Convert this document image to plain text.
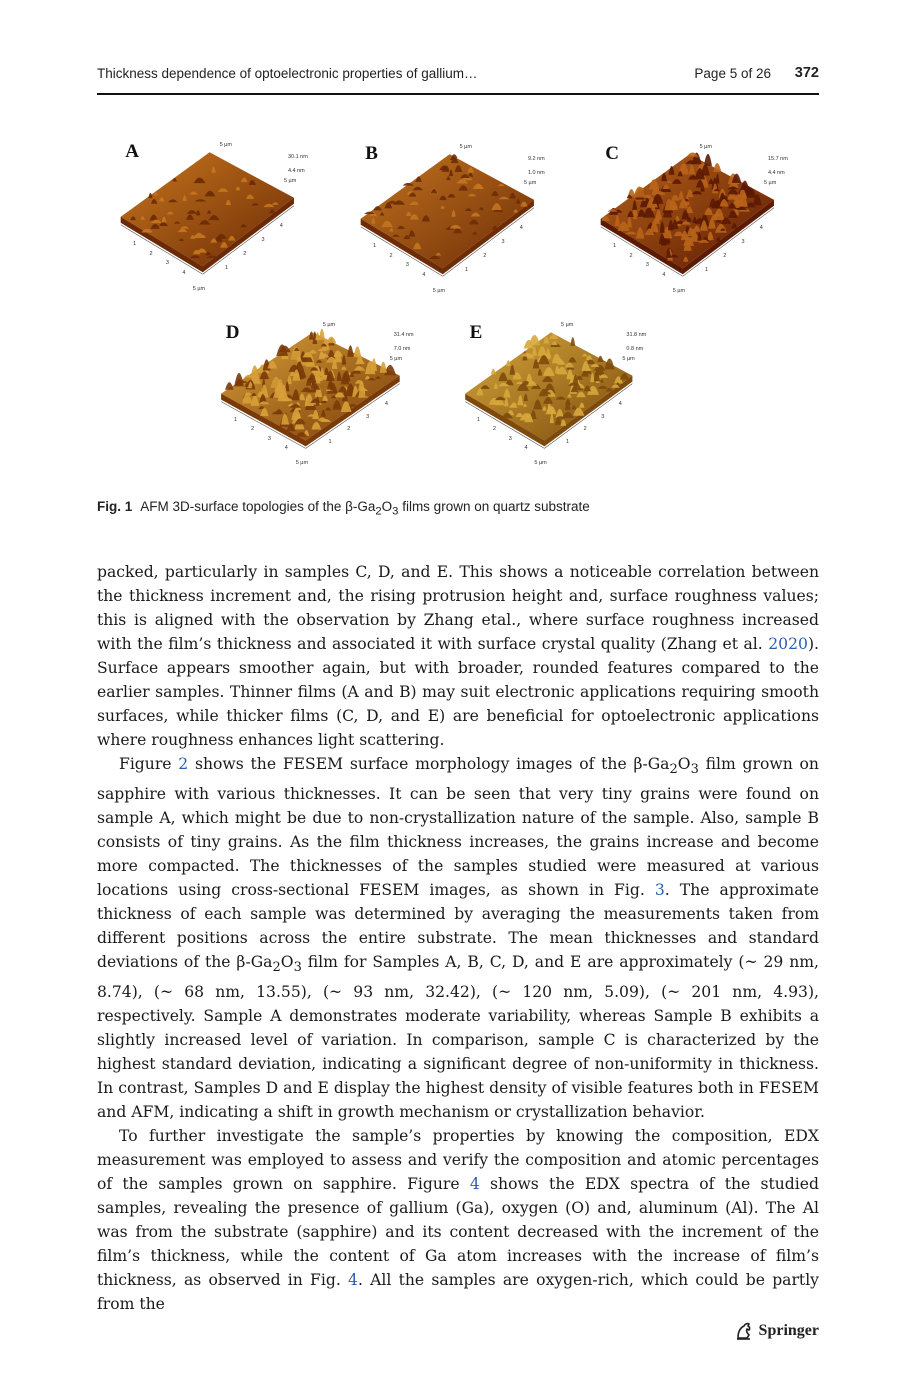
Thickness dependence of optoelectronic properties of gallium…	Page 5 of 26 372
1
2
3
4
1
2
3
4
5 µm
30.1 nm
4.4 nm
5 µm
5 µm
A
1
2
3
4
1
2
3
4
5 µm
9.2 nm
1.0 nm
5 µm
5 µm
B
1
2
3
4
1
2
3
4
5 µm
15.7 nm
4.4 nm
5 µm
5 µm
C
1
2
3
4
1
2
3
4
5 µm
31.4 nm
7.0 nm
5 µm
5 µm
D
1
2
3
4
1
2
3
4
5 µm
31.8 nm
0.8 nm
5 µm
5 µm
E
Fig. 1 AFM 3D-surface topologies of the $\beta-Ga_2O_3$ films grown on quartz substrate

packed, particularly in samples C, D, and E. This shows a noticeable correlation between the thickness increment and, the rising protrusion height and, surface roughness values; this is aligned with the observation by Zhang etal., where surface roughness increased with the film’s thickness and associated it with surface crystal quality (Zhang et al. 2020). Surface appears smoother again, but with broader, rounded features compared to the earlier samples. Thinner films (A and B) may suit electronic applications requiring smooth surfaces, while thicker films (C, D, and E) are beneficial for optoelectronic applications where roughness enhances light scattering.

Figure 2 shows the FESEM surface morphology images of the $\beta-Ga_2O_3$ film grown on sapphire with various thicknesses. It can be seen that very tiny grains were found on sample A, which might be due to non-crystallization nature of the sample. Also, sample B consists of tiny grains. As the film thickness increases, the grains increase and become more compacted. The thicknesses of the samples studied were measured at various locations using cross-sectional FESEM images, as shown in Fig. 3. The approximate thickness of each sample was determined by averaging the measurements taken from different positions across the entire substrate. The mean thicknesses and standard deviations of the $\beta-Ga_2O_3$ film for Samples A, B, C, D, and E are approximately (~ 29 nm, 8.74), (~ 68 nm, 13.55), (~ 93 nm, 32.42), (~ 120 nm, 5.09), (~ 201 nm, 4.93), respectively. Sample A demonstrates moderate variability, whereas Sample B exhibits a slightly increased level of variation. In comparison, sample C is characterized by the highest standard deviation, indicating a significant degree of non-uniformity in thickness. In contrast, Samples D and E display the highest density of visible features both in FESEM and AFM, indicating a shift in growth mechanism or crystallization behavior.

To further investigate the sample’s properties by knowing the composition, EDX measurement was employed to assess and verify the composition and atomic percentages of the samples grown on sapphire. Figure 4 shows the EDX spectra of the studied samples, revealing the presence of gallium (Ga), oxygen (O) and, aluminum (Al). The Al was from the substrate (sapphire) and its content decreased with the increment of the film’s thickness, while the content of Ga atom increases with the increase of film’s thickness, as observed in Fig. 4. All the samples are oxygen-rich, which could be partly from the

Springer
